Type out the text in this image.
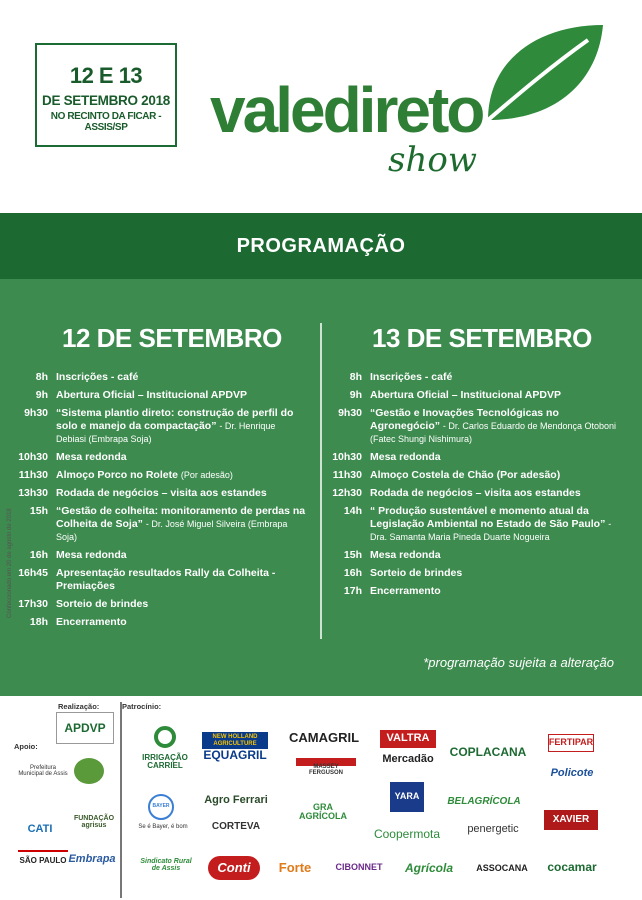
12 E 13
DE SETEMBRO 2018
NO RECINTO DA FICAR - ASSIS/SP	valedireto
show
PROGRAMAÇÃO
12 DE SETEMBRO
8h Inscrições - café
9h Abertura Oficial – Institucional APDVP
9h30 “Sistema plantio direto: construção de perfil do solo e manejo da compactação” - Dr. Henrique Debiasi (Embrapa Soja)
10h30 Mesa redonda
11h30 Almoço Porco no Rolete (Por adesão)
13h30 Rodada de negócios – visita aos estandes
15h “Gestão de colheita: monitoramento de perdas na Colheita de Soja” - Dr. José Miguel Silveira (Embrapa Soja)
16h Mesa redonda
16h45 Apresentação resultados Rally da Colheita - Premiações
17h30 Sorteio de brindes
18h Encerramento
13 DE SETEMBRO
8h Inscrições - café
9h Abertura Oficial – Institucional APDVP
9h30 “Gestão e Inovações Tecnológicas no Agronegócio” - Dr. Carlos Eduardo de Mendonça Otoboni (Fatec Shungi Nishimura)
10h30 Mesa redonda
11h30 Almoço Costela de Chão (Por adesão)
12h30 Rodada de negócios – visita aos estandes
14h “ Produção sustentável e momento atual da Legislação Ambiental no Estado de São Paulo” - Dra. Samanta Maria Pineda Duarte Nogueira
15h Mesa redonda
16h Sorteio de brindes
17h Encerramento
*programação sujeita a alteração
Confeccionado em 20 de agosto de 2018
Realização:	Patrocínio:
Apoio:
APDVP
Prefeitura Municipal de Assis
CATI
FUNDAÇÃO agrisus
SÃO PAULO Embrapa
IRRIGAÇÃO CARRIEL
NEW HOLLAND AGRICULTURE
EQUAGRIL
CAMAGRIL
MASSEY FERGUSON
VALTRA
Mercadão
COPLACANA
FERTIPAR
Policote
BAYER
Se é Bayer, é bom
Agro Ferrari
CORTEVA
GRA AGRÍCOLA
YARA	BELAGRÍCOLA
XAVIER
Coopermota	penergetic
Sindicato Rural de Assis	Conti	Forte	CIBONNET	Agrícola	ASSOCANA	cocamar
